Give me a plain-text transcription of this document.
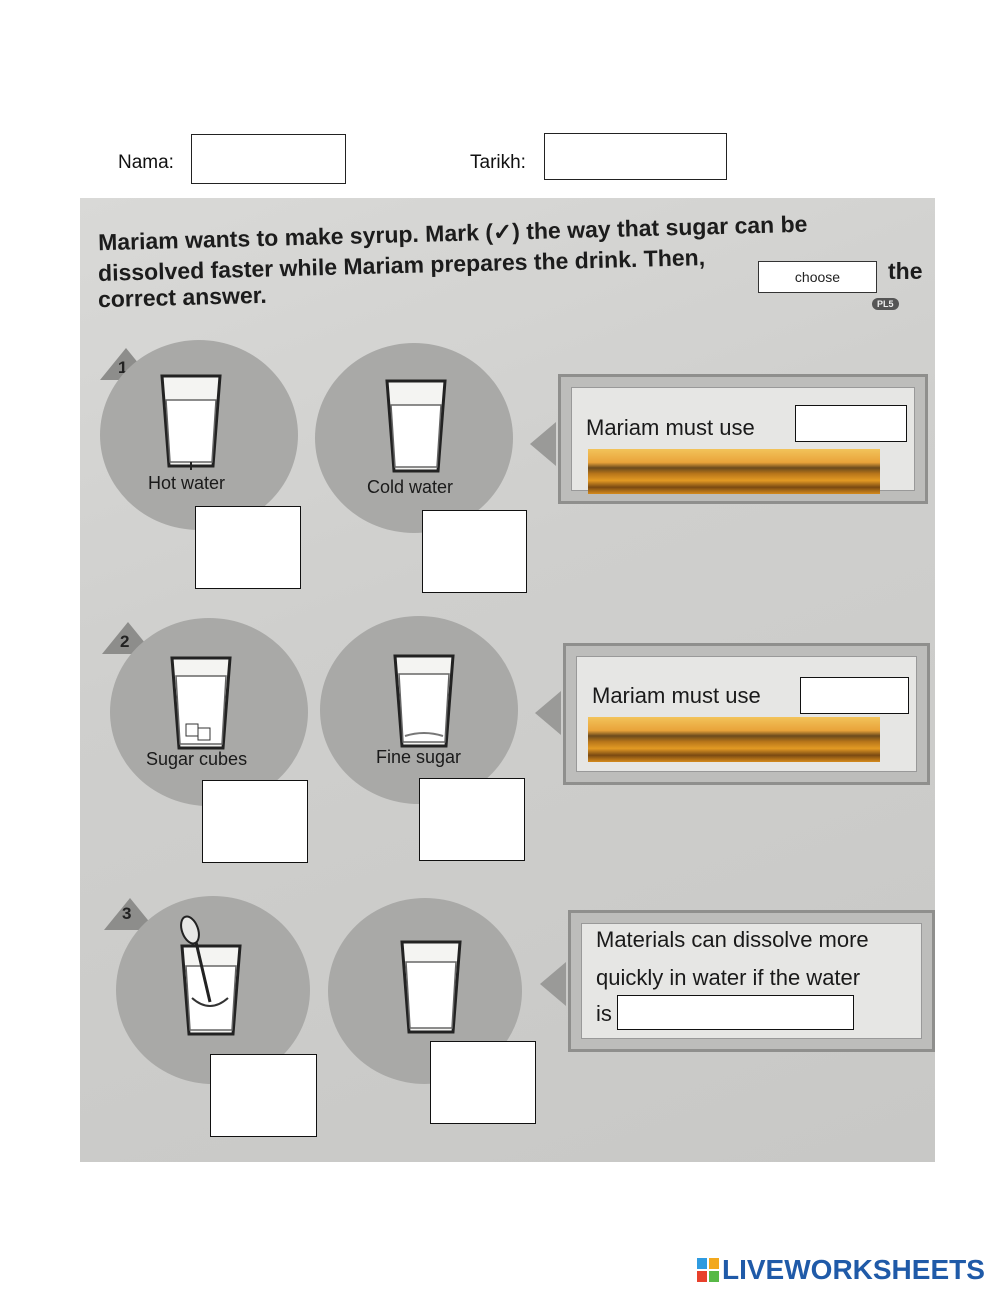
Nama:	Tarikh:
Mariam wants to make syrup. Mark (✓) the way that sugar can be
dissolved faster while Mariam prepares the drink. Then,	the
correct answer.	PL5
1
Hot water	Cold water
Mariam must use
2
Sugar cubes	Fine sugar
Mariam must use
3
Materials can dissolve more
quickly in water if the water
is
choose
LIVEWORKSHEETS
